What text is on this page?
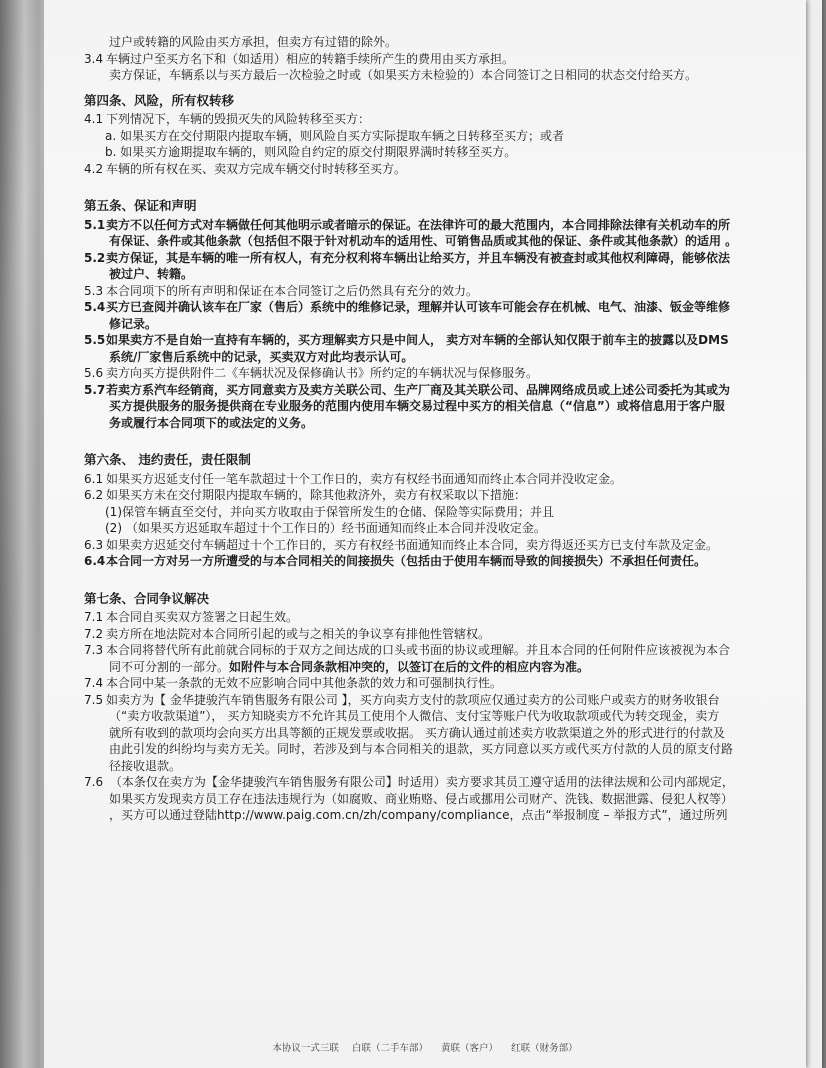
过户或转籍的风险由买方承担，但卖方有过错的除外。
3.4 车辆过户至买方名下和（如适用）相应的转籍手续所产生的费用由买方承担。
卖方保证，车辆系以与买方最后一次检验之时或（如果买方未检验的）本合同签订之日相同的状态交付给买方。
第四条、风险，所有权转移
4.1 下列情况下，车辆的毁损灭失的风险转移至买方：
a. 如果买方在交付期限内提取车辆，则风险自买方实际提取车辆之日转移至买方；或者
b. 如果买方逾期提取车辆的，则风险自约定的原交付期限界满时转移至买方。
4.2 车辆的所有权在买、卖双方完成车辆交付时转移至买方。
第五条、保证和声明
5.1卖方不以任何方式对车辆做任何其他明示或者暗示的保证。在法律许可的最大范围内，本合同排除法律有关机动车的所
有保证、条件或其他条款（包括但不限于针对机动车的适用性、可销售品质或其他的保证、条件或其他条款）的适用 。
5.2卖方保证，其是车辆的唯一所有权人，有充分权利将车辆出让给买方，并且车辆没有被查封或其他权利障碍，能够依法
被过户、转籍。
5.3 本合同项下的所有声明和保证在本合同签订之后仍然具有充分的效力。
5.4买方已查阅并确认该车在厂家（售后）系统中的维修记录，理解并认可该车可能会存在机械、电气、油漆、钣金等维修
修记录。
5.5如果卖方不是自始一直持有车辆的，买方理解卖方只是中间人， 卖方对车辆的全部认知仅限于前车主的披露以及DMS
系统/厂家售后系统中的记录，买卖双方对此均表示认可。
5.6 卖方向买方提供附件二《车辆状况及保修确认书》所约定的车辆状况与保修服务。
5.7若卖方系汽车经销商，买方同意卖方及卖方关联公司、生产厂商及其关联公司、品牌网络成员或上述公司委托为其或为
买方提供服务的服务提供商在专业服务的范围内使用车辆交易过程中买方的相关信息（“信息”）或将信息用于客户服
务或履行本合同项下的或法定的义务。
第六条、 违约责任，责任限制
6.1 如果买方迟延支付任一笔车款超过十个工作日的，卖方有权经书面通知而终止本合同并没收定金。
6.2 如果买方未在交付期限内提取车辆的，除其他救济外，卖方有权采取以下措施：
(1)保管车辆直至交付，并向买方收取由于保管所发生的仓储、保险等实际费用；并且
(2) （如果买方迟延取车超过十个工作日的）经书面通知而终止本合同并没收定金。
6.3 如果卖方迟延交付车辆超过十个工作日的，买方有权经书面通知而终止本合同，卖方得返还买方已支付车款及定金。
6.4本合同一方对另一方所遭受的与本合同相关的间接损失（包括由于使用车辆而导致的间接损失）不承担任何责任。
第七条、合同争议解决
7.1 本合同自买卖双方签署之日起生效。
7.2 卖方所在地法院对本合同所引起的或与之相关的争议享有排他性管辖权。
7.3 本合同将替代所有此前就合同标的于双方之间达成的口头或书面的协议或理解。并且本合同的任何附件应该被视为本合
同不可分割的一部分。如附件与本合同条款相冲突的，以签订在后的文件的相应内容为准。
7.4 本合同中某一条款的无效不应影响合同中其他条款的效力和可强制执行性。
7.5 如卖方为【 金华捷骏汽车销售服务有限公司 】，买方向卖方支付的款项应仅通过卖方的公司账户或卖方的财务收银台
（“卖方收款渠道”）， 买方知晓卖方不允许其员工使用个人微信、支付宝等账户代为收取款项或代为转交现金，卖方
就所有收到的款项均会向买方出具等额的正规发票或收据。 买方确认通过前述卖方收款渠道之外的形式进行的付款及
由此引发的纠纷均与卖方无关。同时，若涉及到与本合同相关的退款，买方同意以买方或代买方付款的人员的原支付路
径接收退款。
7.6 （本条仅在卖方为【金华捷骏汽车销售服务有限公司】时适用）卖方要求其员工遵守适用的法律法规和公司内部规定，
如果买方发现卖方员工存在违法违规行为（如腐败、商业贿赂、侵占或挪用公司财产、洗钱、数据泄露、侵犯人权等）
，买方可以通过登陆http://www.paig.com.cn/zh/company/compliance，点击“举报制度 – 举报方式”，通过所列
本协议一式三联 白联（二手车部） 黄联（客户） 红联（财务部）
